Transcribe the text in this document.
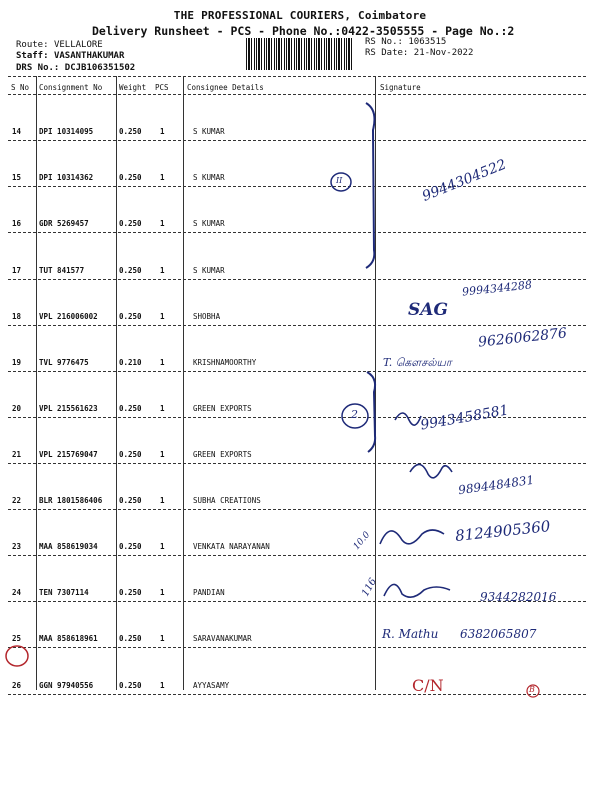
THE PROFESSIONAL COURIERS, Coimbatore
Delivery Runsheet - PCS - Phone No.:0422-3505555 - Page No.:2
Route: VELLALORE
Staff: VASANTHAKUMAR
DRS No.: DCJB106351502
RS No.: 1063515
RS Date: 21-Nov-2022
S No Consignment No Weight PCS Consignee Details	Signature
14 DPI 10314095	0.250 1	S KUMAR
15 DPI 10314362	0.250 1	S KUMAR
16 GDR 5269457	0.250 1	S KUMAR
17 TUT 841577	0.250 1	S KUMAR
18 VPL 216006002	0.250 1	SHOBHA
19 TVL 9776475	0.210 1	KRISHNAMOORTHY
20 VPL 215561623	0.250 1	GREEN EXPORTS
21 VPL 215769047	0.250 1	GREEN EXPORTS
22 BLR 1801586406 0.250 1	SUBHA CREATIONS
23 MAA 858619034	0.250 1	VENKATA NARAYANAN
24 TEN 7307114	0.250 1	PANDIAN
25 MAA 858618961	0.250 1	SARAVANAKUMAR
26 GGN 97940556	0.250 1	AYYASAMY
II
2
B
9944304522
SAG
9994344288
9626062876
T. கௌசல்யா
9943458581
9894484831
10.0	8124905360
116	9344282016
R. Mathu 6382065807
C/N
